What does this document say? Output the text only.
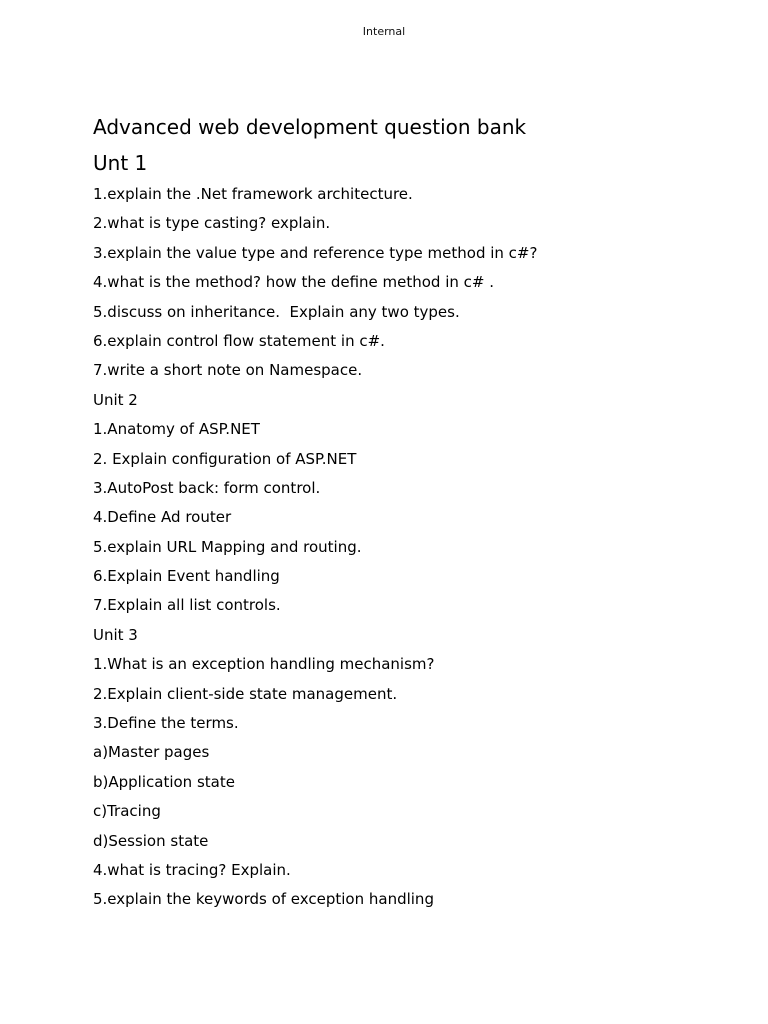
Internal
Advanced web development question bank
Unt 1
1.explain the .Net framework architecture.
2.what is type casting? explain.
3.explain the value type and reference type method in c#?
4.what is the method? how the define method in c# .
5.discuss on inheritance.  Explain any two types.
6.explain control flow statement in c#.
7.write a short note on Namespace.
Unit 2
1.Anatomy of ASP.NET
2. Explain configuration of ASP.NET
3.AutoPost back: form control.
4.Define Ad router
5.explain URL Mapping and routing.
6.Explain Event handling
7.Explain all list controls.
Unit 3
1.What is an exception handling mechanism?
2.Explain client-side state management.
3.Define the terms.
a)Master pages
b)Application state
c)Tracing
d)Session state
4.what is tracing? Explain.
5.explain the keywords of exception handling
